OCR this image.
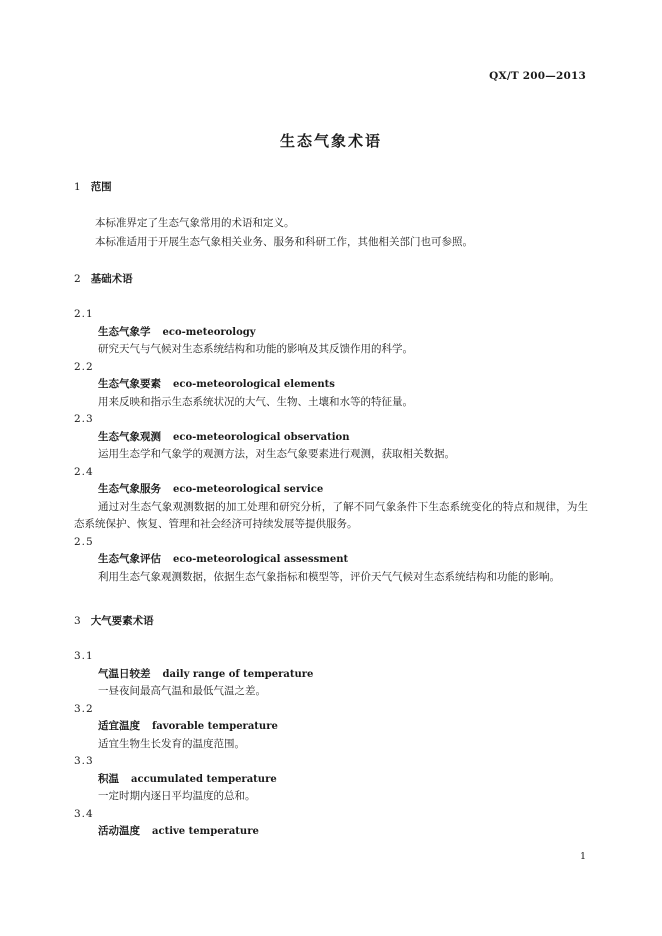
QX/T 200—2013
生态气象术语

1 范围

本标准界定了生态气象常用的术语和定义。

本标准适用于开展生态气象相关业务、服务和科研工作，其他相关部门也可参照。

2 基础术语

2.1

生态气象学 eco-meteorology

研究天气与气候对生态系统结构和功能的影响及其反馈作用的科学。

2.2

生态气象要素 eco-meteorological elements

用来反映和指示生态系统状况的大气、生物、土壤和水等的特征量。

2.3

生态气象观测 eco-meteorological observation

运用生态学和气象学的观测方法，对生态气象要素进行观测，获取相关数据。

2.4

生态气象服务 eco-meteorological service

通过对生态气象观测数据的加工处理和研究分析，了解不同气象条件下生态系统变化的特点和规律，为生态系统保护、恢复、管理和社会经济可持续发展等提供服务。

2.5

生态气象评估 eco-meteorological assessment

利用生态气象观测数据，依据生态气象指标和模型等，评价天气气候对生态系统结构和功能的影响。

3 大气要素术语

3.1

气温日较差 daily range of temperature

一昼夜间最高气温和最低气温之差。

3.2

适宜温度 favorable temperature

适宜生物生长发育的温度范围。

3.3

积温 accumulated temperature

一定时期内逐日平均温度的总和。

3.4

活动温度 active temperature

1
